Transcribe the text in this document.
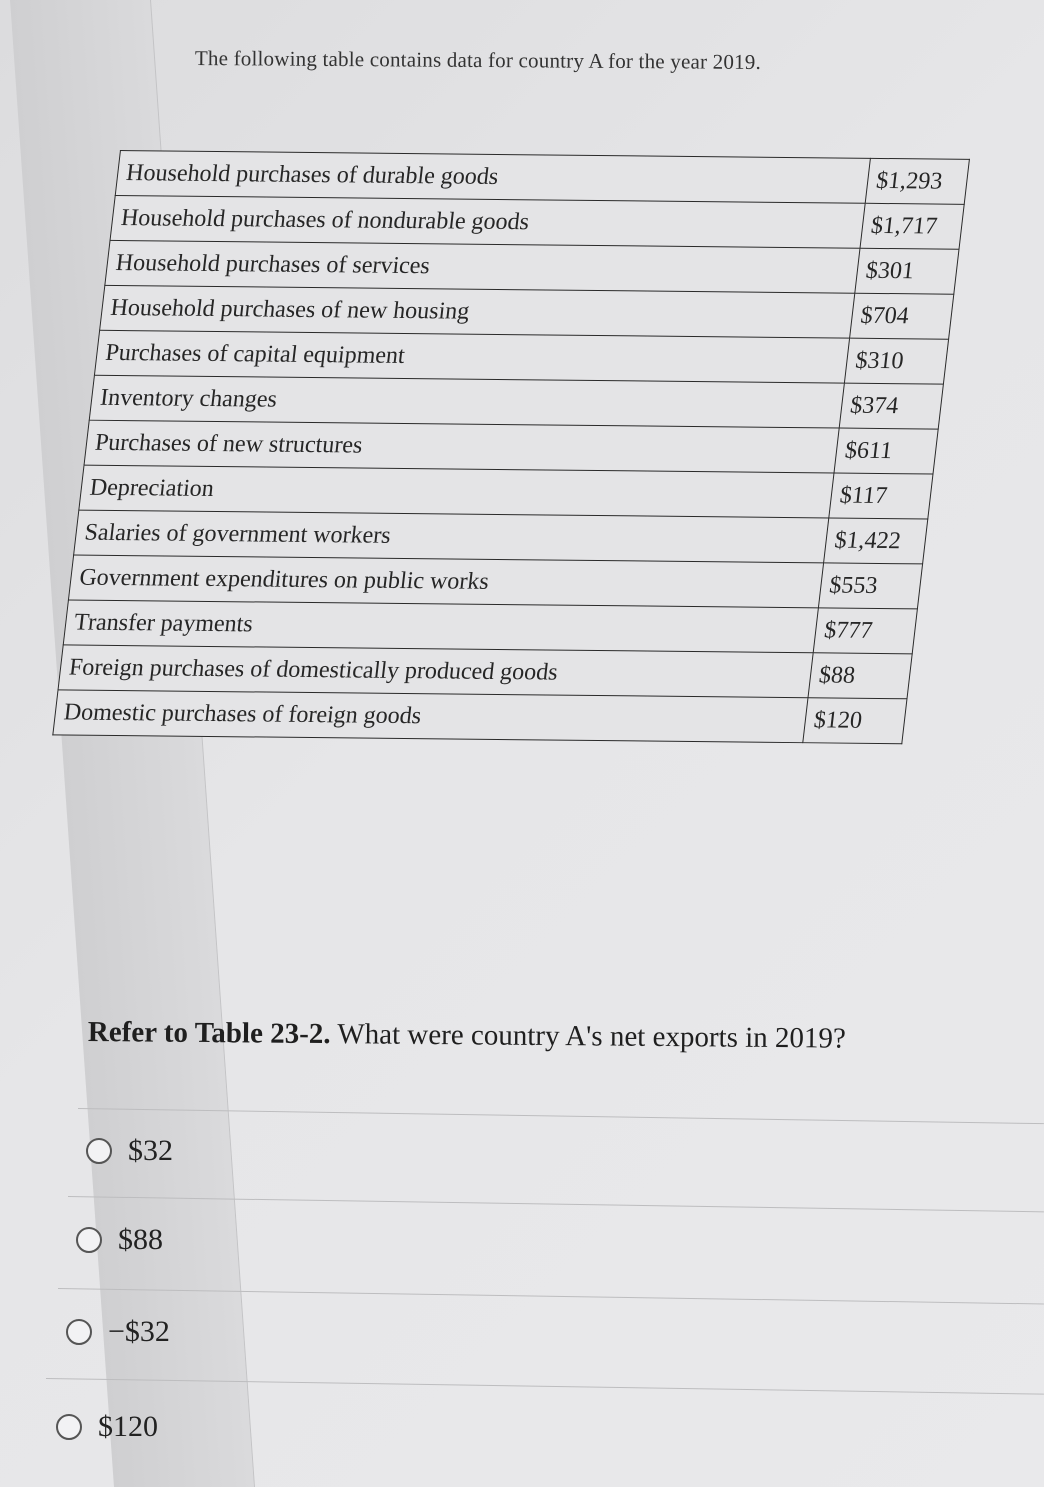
The following table contains data for country A for the year 2019.
Household purchases of durable goods	$1,293
Household purchases of nondurable goods	$1,717
Household purchases of services	$301
Household purchases of new housing	$704
Purchases of capital equipment	$310
Inventory changes	$374
Purchases of new structures	$611
Depreciation	$117
Salaries of government workers	$1,422
Government expenditures on public works	$553
Transfer payments	$777
Foreign purchases of domestically produced goods	$88
Domestic purchases of foreign goods	$120
Refer to Table 23-2. What were country A's net exports in 2019?
$32
$88
−$32
$120
